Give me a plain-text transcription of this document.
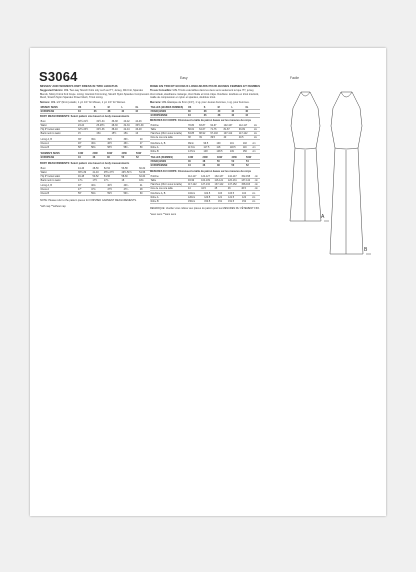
S3064	Easy	Facile
MISSES' AND WOMEN'S KNIT DRESS IN TWO LENGTHS
Suggested Fabrics: U.S. Two-way Stretch Knits only such as ITY, Jersey, Rib Knit, Spandex Blends, Slinky Knit & Knit Crepe. Lining: Interlock Knit Lining, Stretch Nylon Spandex Compression Mesh, Stretch Nylon Spandex Power Mesh, Tricot Lining.
Notions: U.S. 1/4" (6mm) elastic, 1 yd. 1/4" for Misses, 1 yd. 1/4" for Women.
MISSES' SIZES	XS	S	M	L	XL
EUROPEAN	34	36	38	42	44
BODY MEASUREMENTS: Select pattern size based on body measurements
Bust	30½-31½	32½-34	36-38	40-42	44-46
Waist	23-24	25-26½	28-30	32-34	36½-39
Hip 9" below waist	32½-33½	34½-36	38-40	42-44	46-48
Back neck to waist	15	15¼	15½	15¾	16
Lining A, B	39"	39¼	39½	39¾	40
Dress A	46"	46¼	46½	46¾	47
Dress B	58"	58¼	58½	58¾	59
WOMEN'S SIZES	1XW	2XW	3XW	4XW	5XW
EUROPEAN	44	46	48	50	52
BODY MEASUREMENTS: Select pattern size based on body measurements
Bust	44-46	48-50	52-54	56-58	60-62
Waist	36½-39	41-43	45½-47½	49½-51½	54-56
Hip 9" below waist	46-48	50-52	54-56	58-60	62-64
Back neck to waist	17¼	17½	17¾	18	18¼
Lining A, B	40"	40¼	40½	40¾	41
Dress A	47"	47¼	47½	47¾	48
Dress B	59"	59¼	59½	59¾	60
NOTE: Please refer to the pattern pieces for FINISHED GARMENT MEASUREMENTS.
*with nap **without nap
ROBE EN TRICOT EN DEUX LONGUEURS POUR JEUNES FEMMES ET FEMMES
Tissus Conseillés: U.S. Tricots extensibles dans les deux sens seulement tel que ITY, jersey, tricot côtelé, élasthanne mélangé, tricot fluide et tricot crêpe. Doublure: doublure en tricot interlock, maille de compression en nylon et spandex, doublure tricot.
Mercerie: U.S. Élastique de 6mm (1/4"), 1 vg. pour Jeunes Femmes, 1 vg. pour Femmes.
TAILLES (JEUNES FEMMES)	XS	S	M	L	XL
FRANÇAISES	36	38	40	44	46
EUROPÉENNE	34	36	38	42	44
MESURES DU CORPS: Choisissez la taille du patron basée sur les mesures du corps
Poitrine	78-80	83-87	92-97	102-107	112-117	cm
Taille	58-61	64-67	71-76	81-87	93-99	cm
Hanches (23cm sous la taille)	83-85	88-92	97-102	107-112	117-122	cm
Dos de cou à la taille	38	39	39.5	40	40.5	cm
Doublure A, B	99cm	99.5	100	101	102	cm
Robe A	117cm	117.5	118	118.5	119	cm
Robe B	147cm	148	148.5	149	150	cm
TAILLES (FEMMES)	1XW	2XW	3XW	4XW	5XW
FRANÇAISES	46	48	50	52	54
EUROPÉENNE	44	46	48	50	52
MESURES DU CORPS: Choisissez la taille du patron basée sur les mesures du corps
Poitrine	112-117	122-127	132-137	142-147	152-158	cm
Taille	93-99	104-109	116-121	126-131	137-142	cm
Hanches (23cm sous la taille)	117-122	127-132	137-142	147-152	158-163	cm
Dos de cou à la taille	44	44.5	45	46	46.5	cm
Doublure A, B	102cm	102.5	103	103.5	104	cm
Robe A	120cm	120.5	121	121.5	122	cm
Robe B	150cm	150.5	151	151.5	152	cm
REMARQUE: Veuillez vous référer aux pièces du patron pour les MESURES DU VÊTEMENT FINI.
*avec sens **sans sens	A
B
